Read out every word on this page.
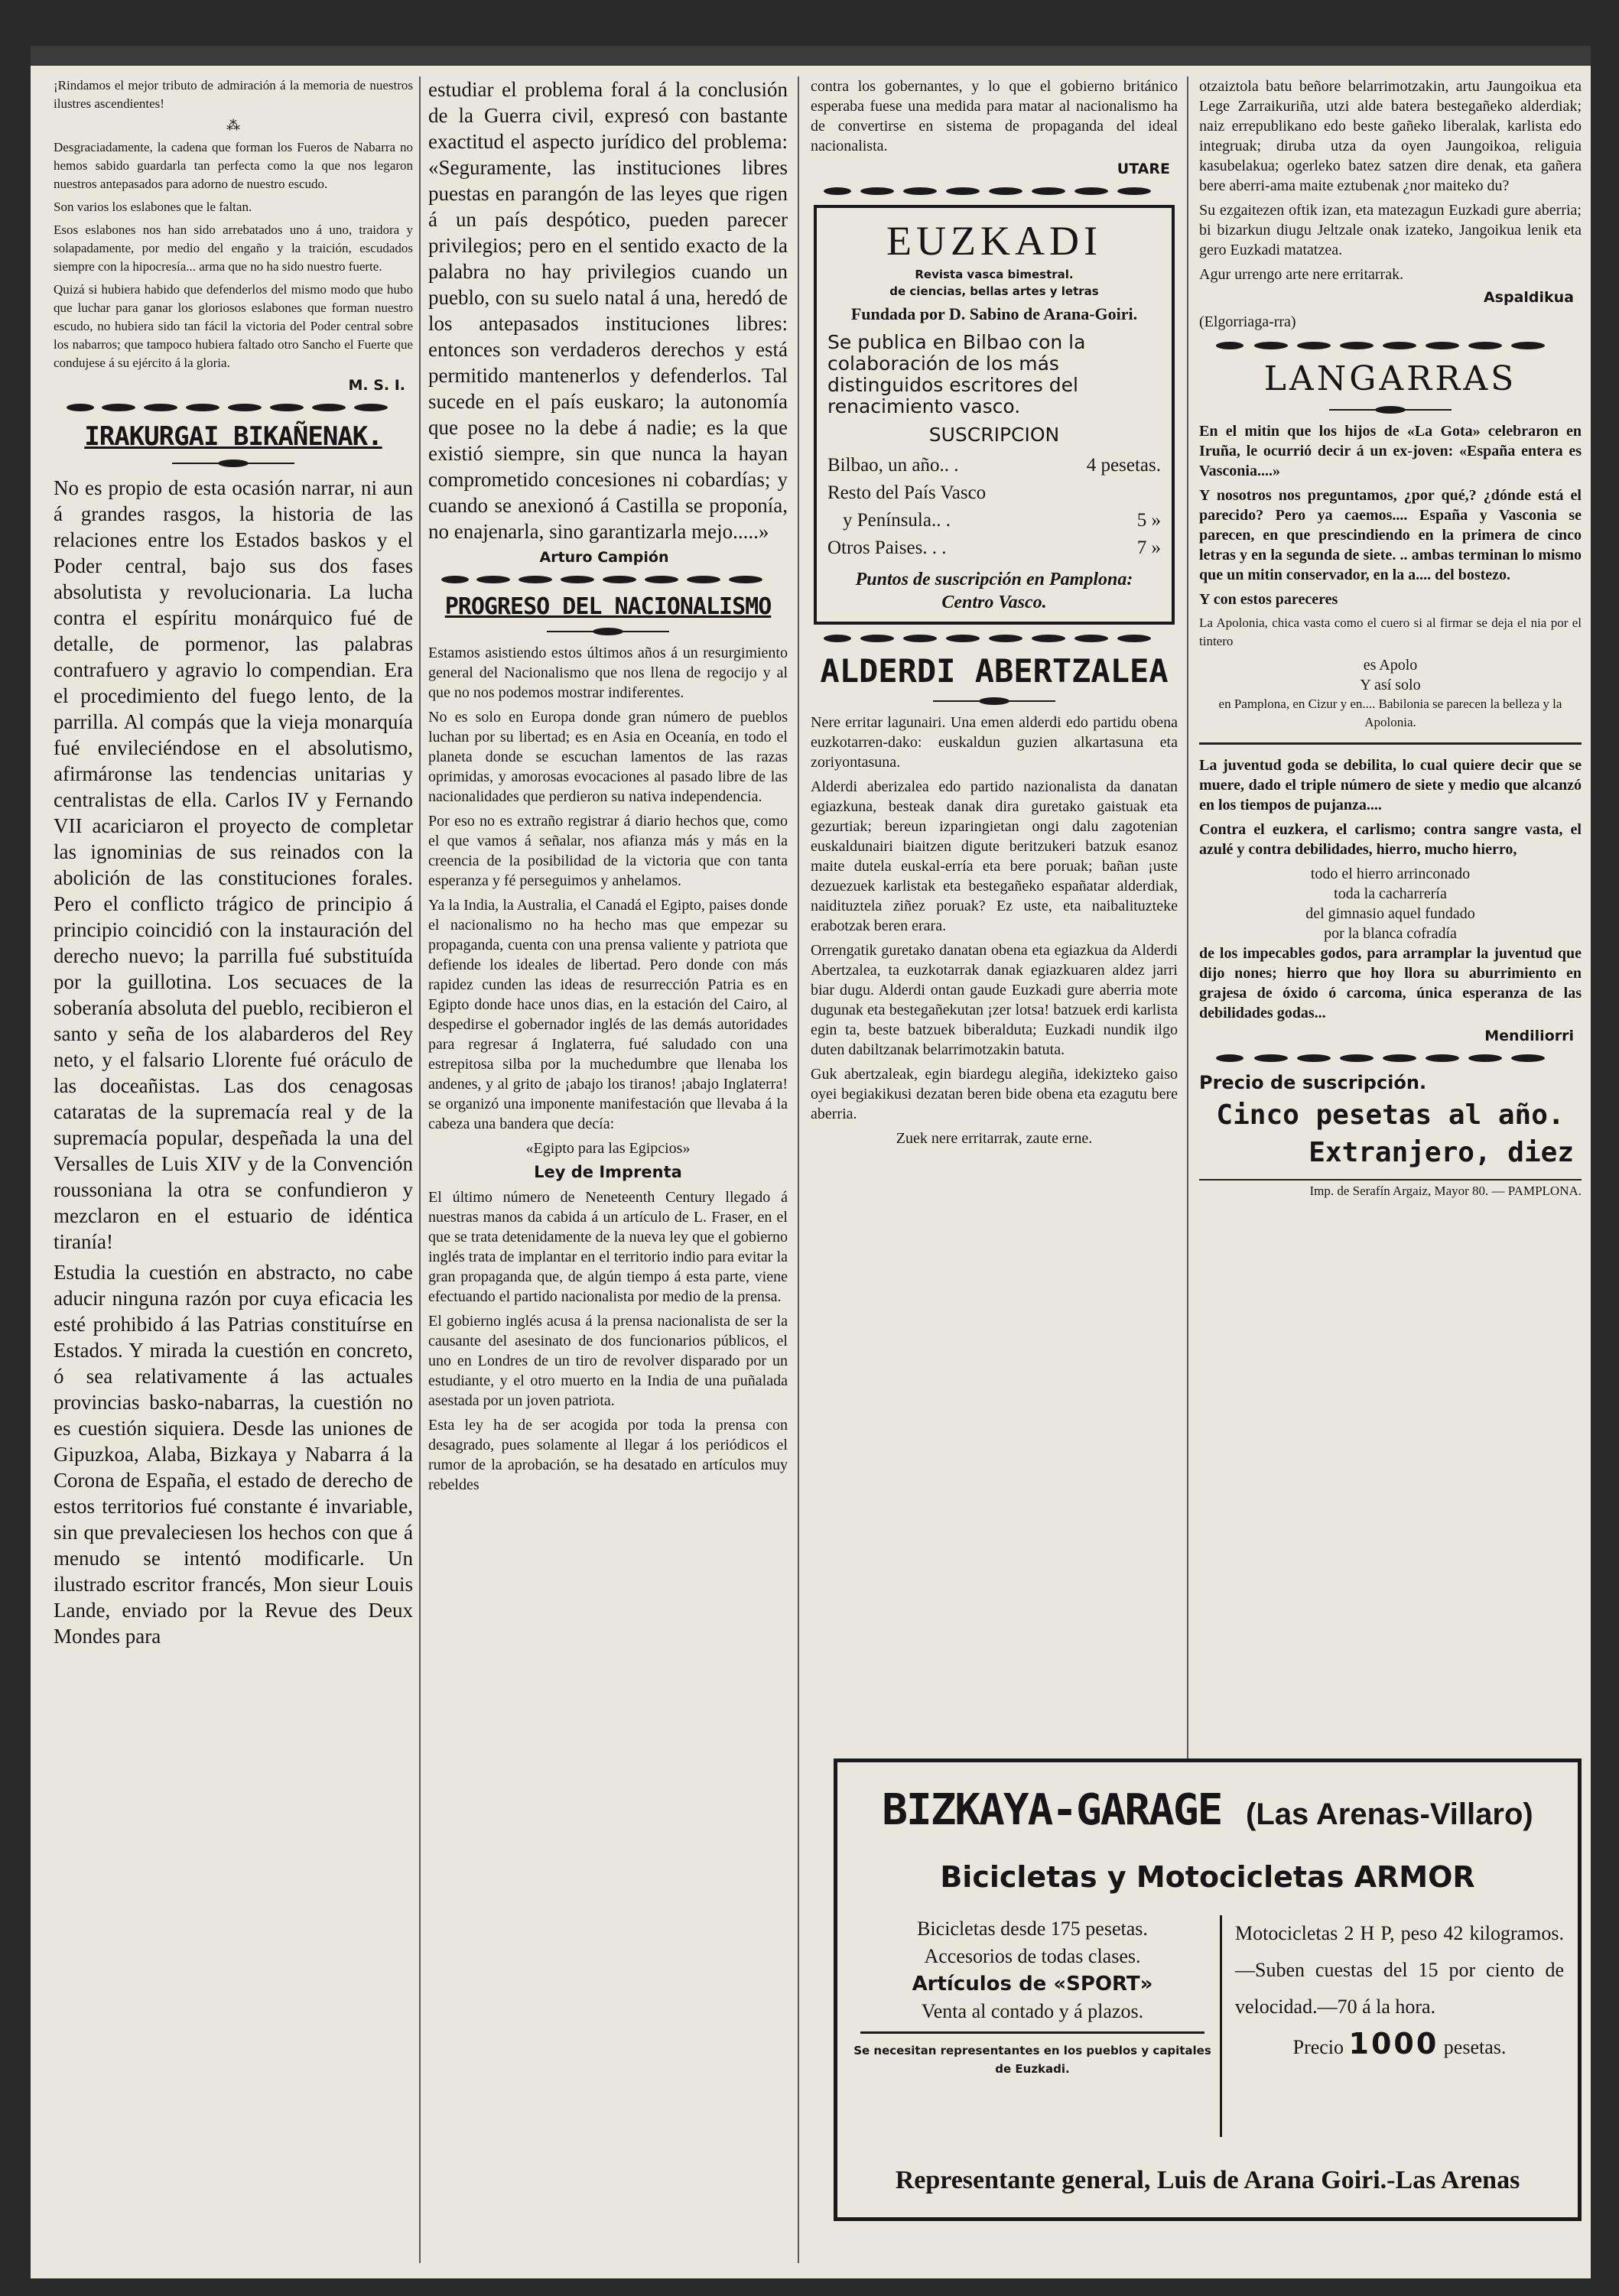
¡Rindamos el mejor tributo de admiración á la memoria de nuestros ilustres ascendientes!

⁂

Desgraciadamente, la cadena que forman los Fueros de Nabarra no hemos sabido guardarla tan perfecta como la que nos legaron nuestros antepasados para adorno de nuestro escudo.

Son varios los eslabones que le faltan.

Esos eslabones nos han sido arrebatados uno á uno, traidora y solapadamente, por medio del engaño y la traición, escudados siempre con la hipocresía... arma que no ha sido nuestro fuerte.

Quizá si hubiera habido que defenderlos del mismo modo que hubo que luchar para ganar los gloriosos eslabones que forman nuestro escudo, no hubiera sido tan fácil la victoria del Poder central sobre los nabarros; que tampoco hubiera faltado otro Sancho el Fuerte que condujese á su ejército á la gloria.

M. S. I.
IRAKURGAI BIKAÑENAK.

No es propio de esta ocasión narrar, ni aun á grandes rasgos, la historia de las relaciones entre los Estados baskos y el Poder central, bajo sus dos fases absolutista y revolucionaria. La lucha contra el espíritu monárquico fué de detalle, de pormenor, las palabras contrafuero y agravio lo compendian. Era el procedimiento del fuego lento, de la parrilla. Al compás que la vieja monarquía fué envileciéndose en el absolutismo, afirmáronse las tendencias unitarias y centralistas de ella. Carlos IV y Fernando VII acariciaron el proyecto de completar las ignominias de sus reinados con la abolición de las constituciones forales. Pero el conflicto trágico de principio á principio coincidió con la instauración del derecho nuevo; la parrilla fué substituída por la guillotina. Los secuaces de la soberanía absoluta del pueblo, recibieron el santo y seña de los alabarderos del Rey neto, y el falsario Llorente fué oráculo de las doceañistas. Las dos cenagosas cataratas de la supremacía real y de la supremacía popular, despeñada la una del Versalles de Luis XIV y de la Convención roussoniana la otra se confundieron y mezclaron en el estuario de idéntica tiranía!

Estudia la cuestión en abstracto, no cabe aducir ninguna razón por cuya eficacia les esté prohibido á las Patrias constituírse en Estados. Y mirada la cuestión en concreto, ó sea relativamente á las actuales provincias basko-nabarras, la cuestión no es cuestión siquiera. Desde las uniones de Gipuzkoa, Alaba, Bizkaya y Nabarra á la Corona de España, el estado de derecho de estos territorios fué constante é invariable, sin que prevaleciesen los hechos con que á menudo se intentó modificarle. Un ilustrado escritor francés, Mon sieur Louis Lande, enviado por la Revue des Deux Mondes para

estudiar el problema foral á la conclusión de la Guerra civil, expresó con bastante exactitud el aspecto jurídico del problema: «Seguramente, las instituciones libres puestas en parangón de las leyes que rigen á un país despótico, pueden parecer privilegios; pero en el sentido exacto de la palabra no hay privilegios cuando un pueblo, con su suelo natal á una, heredó de los antepasados instituciones libres: entonces son verdaderos derechos y está permitido mantenerlos y defenderlos. Tal sucede en el país euskaro; la autonomía que posee no la debe á nadie; es la que existió siempre, sin que nunca la hayan comprometido concesiones ni cobardías; y cuando se anexionó á Castilla se proponía, no enajenarla, sino garantizarla mejo.....»

Arturo Campión
PROGRESO DEL NACIONALISMO

Estamos asistiendo estos últimos años á un resurgimiento general del Nacionalismo que nos llena de regocijo y al que no nos podemos mostrar indiferentes.

No es solo en Europa donde gran número de pueblos luchan por su libertad; es en Asia en Oceanía, en todo el planeta donde se escuchan lamentos de las razas oprimidas, y amorosas evocaciones al pasado libre de las nacionalidades que perdieron su nativa independencia.

Por eso no es extraño registrar á diario hechos que, como el que vamos á señalar, nos afianza más y más en la creencia de la posibilidad de la victoria que con tanta esperanza y fé perseguimos y anhelamos.

Ya la India, la Australia, el Canadá el Egipto, paises donde el nacionalismo no ha hecho mas que empezar su propaganda, cuenta con una prensa valiente y patriota que defiende los ideales de libertad. Pero donde con más rapidez cunden las ideas de resurrección Patria es en Egipto donde hace unos dias, en la estación del Cairo, al despedirse el gobernador inglés de las demás autoridades para regresar á Inglaterra, fué saludado con una estrepitosa silba por la muchedumbre que llenaba los andenes, y al grito de ¡abajo los tiranos! ¡abajo Inglaterra! se organizó una imponente manifestación que llevaba á la cabeza una bandera que decía:

«Egipto para las Egipcios»

Ley de Imprenta

El último número de Neneteenth Century llegado á nuestras manos da cabida á un artículo de L. Fraser, en el que se trata detenidamente de la nueva ley que el gobierno inglés trata de implantar en el territorio indio para evitar la gran propaganda que, de algún tiempo á esta parte, viene efectuando el partido nacionalista por medio de la prensa.

El gobierno inglés acusa á la prensa nacionalista de ser la causante del asesinato de dos funcionarios públicos, el uno en Londres de un tiro de revolver disparado por un estudiante, y el otro muerto en la India de una puñalada asestada por un joven patriota.

Esta ley ha de ser acogida por toda la prensa con desagrado, pues solamente al llegar á los periódicos el rumor de la aprobación, se ha desatado en artículos muy rebeldes

contra los gobernantes, y lo que el gobierno británico esperaba fuese una medida para matar al nacionalismo ha de convertirse en sistema de propaganda del ideal nacionalista.

UTARE
EUZKADI
Revista vasca bimestral.
de ciencias, bellas artes y letras
Fundada por D. Sabino de Arana-Goiri.
Se publica en Bilbao con la colaboración de los más distinguidos escritores del renacimiento vasco.
SUSCRIPCION
Bilbao, un año.. .	4 pesetas.
Resto del País Vasco
y Península.. .	5 »
Otros Paises. . .	7 »
Puntos de suscripción en Pamplona: Centro Vasco.
ALDERDI ABERTZALEA

Nere erritar lagunairi. Una emen alderdi edo partidu obena euzkotarren-dako: euskaldun guzien alkartasuna eta zoriyontasuna.

Alderdi aberizalea edo partido nazionalista da danatan egiazkuna, besteak danak dira guretako gaistuak eta gezurtiak; bereun izparingietan ongi dalu zagotenian euskaldunairi biaitzen digute beritzukeri batzuk esanoz maite dutela euskal-erría eta bere poruak; bañan ¡uste dezuezuek karlistak eta bestegañeko españatar alderdiak, naidituztela ziñez poruak? Ez uste, eta naibalituzteke erabotzak beren erara.

Orrengatik guretako danatan obena eta egiazkua da Alderdi Abertzalea, ta euzkotarrak danak egiazkuaren aldez jarri biar dugu. Alderdi ontan gaude Euzkadi gure aberria mote dugunak eta bestegañekutan ¡zer lotsa! batzuek erdi karlista egin ta, beste batzuek biberalduta; Euzkadi nundik ilgo duten dabiltzanak belarrimotzakin batuta.

Guk abertzaleak, egin biardegu alegiña, idekizteko gaiso oyei begiakikusi dezatan beren bide obena eta ezagutu bere aberria.

Zuek nere erritarrak, zaute erne.

otzaiztola batu beñore belarrimotzakin, artu Jaungoikua eta Lege Zarraikuriña, utzi alde batera bestegañeko alderdiak; naiz errepublikano edo beste gañeko liberalak, karlista edo integruak; diruba utza da oyen Jaungoikoa, religuia kasubelakua; ogerleko batez satzen dire denak, eta gañera bere aberri-ama maite eztubenak ¿nor maiteko du?

Su ezgaitezen oftik izan, eta matezagun Euzkadi gure aberria; bi bizarkun diugu Jeltzale onak izateko, Jangoikua lenik eta gero Euzkadi matatzea.

Agur urrengo arte nere erritarrak.

Aspaldikua

(Elgorriaga-rra)

LANGARRAS

En el mitin que los hijos de «La Gota» celebraron en Iruña, le ocurrió decir á un ex-joven: «España entera es Vasconia....»

Y nosotros nos preguntamos, ¿por qué,? ¿dónde está el parecido? Pero ya caemos.... España y Vasconia se parecen, en que prescindiendo en la primera de cinco letras y en la segunda de siete. .. ambas terminan lo mismo que un mitin conservador, en la a.... del bostezo.

Y con estos pareceres

La Apolonia, chica vasta como el cuero si al firmar se deja el nia por el tintero

es Apolo

Y así solo

en Pamplona, en Cizur y en.... Babilonia se parecen la belleza y la Apolonia.

La juventud goda se debilita, lo cual quiere decir que se muere, dado el triple número de siete y medio que alcanzó en los tiempos de pujanza....

Contra el euzkera, el carlismo; contra sangre vasta, el azulé y contra debilidades, hierro, mucho hierro,

todo el hierro arrinconado

toda la cacharrería

del gimnasio aquel fundado

por la blanca cofradía

de los impecables godos, para arramplar la juventud que dijo nones; hierro que hoy llora su aburrimiento en grajesa de óxido ó carcoma, única esperanza de las debilidades godas...

Mendiliorri
Precio de suscripción.
Cinco pesetas al año.
Extranjero, diez
Imp. de Serafín Argaiz, Mayor 80. — PAMPLONA.
BIZKAYA-GARAGE (Las Arenas-Villaro)
Bicicletas y Motocicletas ARMOR

Bicicletas desde 175 pesetas.

Accesorios de todas clases.

Artículos de «SPORT»

Venta al contado y á plazos.

Se necesitan representantes en los pueblos y capitales de Euzkadi.

Motocicletas 2 H P, peso 42 kilogramos.—Suben cuestas del 15 por ciento de velocidad.—70 á la hora.

Precio 1000 pesetas.

Representante general, Luis de Arana Goiri.-Las Arenas
